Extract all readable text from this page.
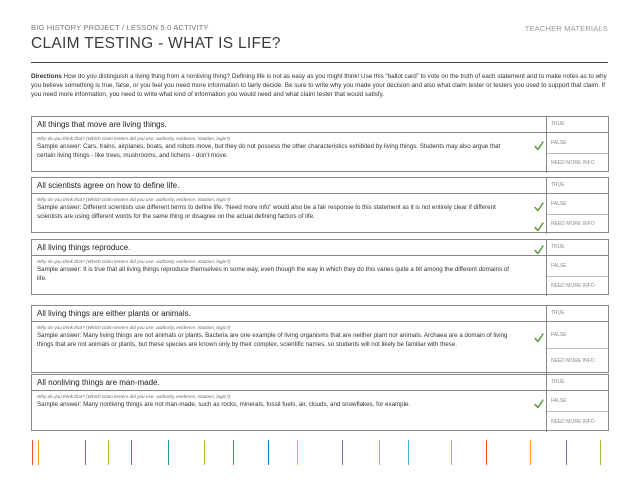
BIG HISTORY PROJECT / LESSON 5.0 ACTIVITY
CLAIM TESTING - WHAT IS LIFE?
TEACHER MATERIALS
Directions How do you distinguish a living thing from a nonliving thing? Defining life is not as easy as you might think! Use this “ballot card” to vote on the truth of each statement and to make notes as to why you believe something is true, false, or you feel you need more information to fairly decide. Be sure to write why you made your decision and also what claim tester or testers you used to support that claim. If you need more information, you need to write what kind of information you would need and what claim tester that would satisfy.
All things that move are living things.	TRUE
Why do you think that? (Which claim testers did you use: authority, evidence, intuition, logic?)
Sample answer: Cars, trains, airplanes, boats, and robots move, but they do not possess the other characteristics exhibited by living things. Students may also argue that certain living things - like trees, mushrooms, and lichens - don’t move.
FALSE
NEED MORE INFO
All scientists agree on how to define life.	TRUE
Why do you think that? (Which claim testers did you use: authority, evidence, intuition, logic?)
Sample answer: Different scientists use different terms to define life. “Need more info” would also be a fair response to this statement as it is not entirely clear if different scientists are using different words for the same thing or disagree on the actual defining factors of life.
FALSE
NEED MORE INFO
All living things reproduce.	TRUE
Why do you think that? (Which claim testers did you use: authority, evidence, intuition, logic?)
Sample answer: It is true that all living things reproduce themselves in some way, even though the way in which they do this varies quite a bit among the different domains of life.
FALSE
NEED MORE INFO
All living things are either plants or animals.	TRUE
Why do you think that? (Which claim testers did you use: authority, evidence, intuition, logic?)
Sample answer: Many living things are not animals or plants. Bacteria are one example of living organisms that are neither plant nor animals. Archaea are a domain of living things that are not animals or plants, but these species are known only by their complex, scientific names, so students will not likely be familiar with these.
FALSE
NEED MORE INFO
All nonliving things are man-made.	TRUE
Why do you think that? (Which claim testers did you use: authority, evidence, intuition, logic?)
Sample answer: Many nonliving things are not man-made, such as rocks, minerals, fossil fuels, air, clouds, and snowflakes, for example.	FALSE
NEED MORE INFO
